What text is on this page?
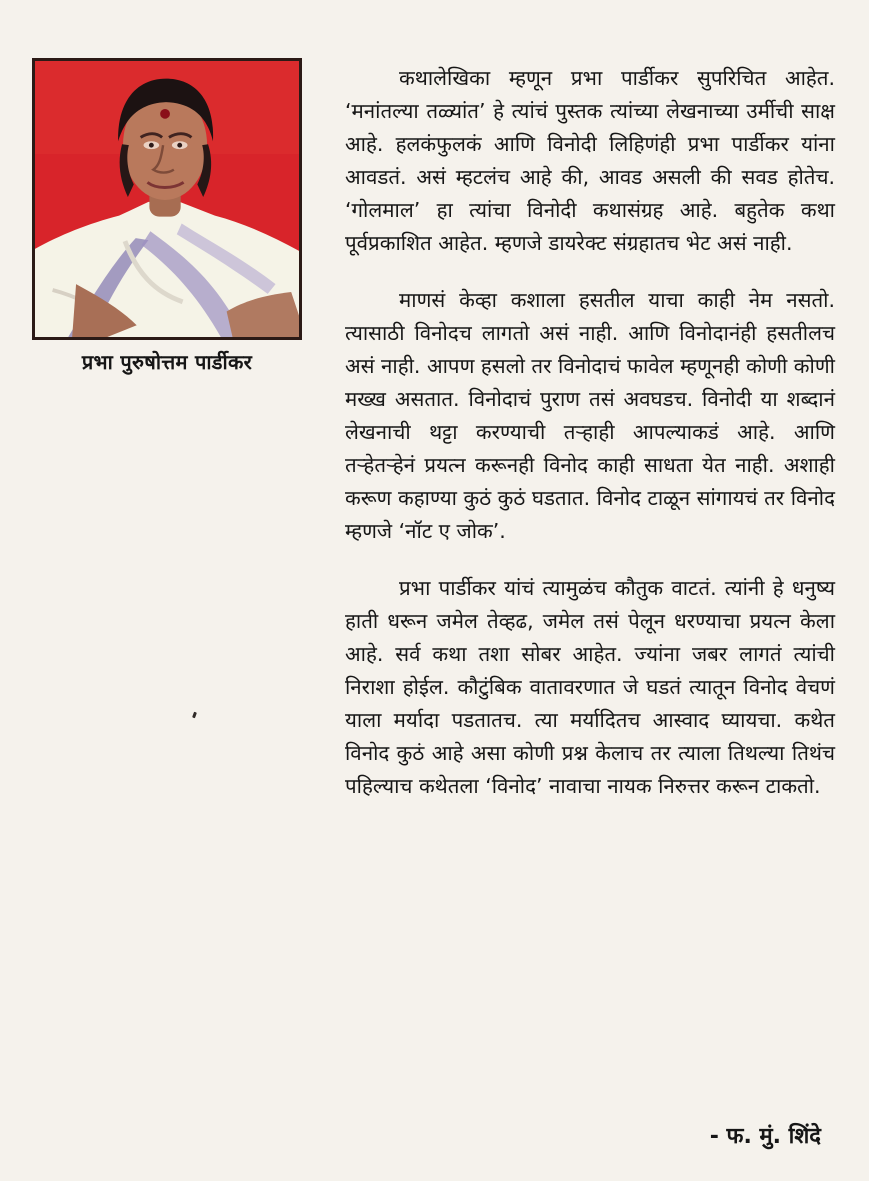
प्रभा पुरुषोत्तम पार्डीकर

कथालेखिका म्हणून प्रभा पार्डीकर सुपरिचित आहेत. ‘मनांतल्या तळ्यांत’ हे त्यांचं पुस्तक त्यांच्या लेखनाच्या उर्मीची साक्ष आहे. हलकंफुलकं आणि विनोदी लिहिणंही प्रभा पार्डीकर यांना आवडतं. असं म्हटलंच आहे की, आवड असली की सवड होतेच. ‘गोलमाल’ हा त्यांचा विनोदी कथासंग्रह आहे. बहुतेक कथा पूर्वप्रकाशित आहेत. म्हणजे डायरेक्ट संग्रहातच भेट असं नाही.

माणसं केव्हा कशाला हसतील याचा काही नेम नसतो. त्यासाठी विनोदच लागतो असं नाही. आणि विनोदानंही हसतीलच असं नाही. आपण हसलो तर विनोदाचं फावेल म्हणूनही कोणी कोणी मख्ख असतात. विनोदाचं पुराण तसं अवघडच. विनोदी या शब्दानं लेखनाची थट्टा करण्याची तऱ्हाही आपल्याकडं आहे. आणि तऱ्हेतऱ्हेनं प्रयत्न करूनही विनोद काही साधता येत नाही. अशाही करूण कहाण्या कुठं कुठं घडतात. विनोद टाळून सांगायचं तर विनोद म्हणजे ‘नॉट ए जोक’.

प्रभा पार्डीकर यांचं त्यामुळंच कौतुक वाटतं. त्यांनी हे धनुष्य हाती धरून जमेल तेव्हढ, जमेल तसं पेलून धरण्याचा प्रयत्न केला आहे. सर्व कथा तशा सोबर आहेत. ज्यांना जबर लागतं त्यांची निराशा होईल. कौटुंबिक वातावरणात जे घडतं त्यातून विनोद वेचणं याला मर्यादा पडतातच. त्या मर्यादितच आस्वाद घ्यायचा. कथेत विनोद कुठं आहे असा कोणी प्रश्न केलाच तर त्याला तिथल्या तिथंच पहिल्याच कथेतला ‘विनोद’ नावाचा नायक निरुत्तर करून टाकतो.

- फ. मुं. शिंदे
